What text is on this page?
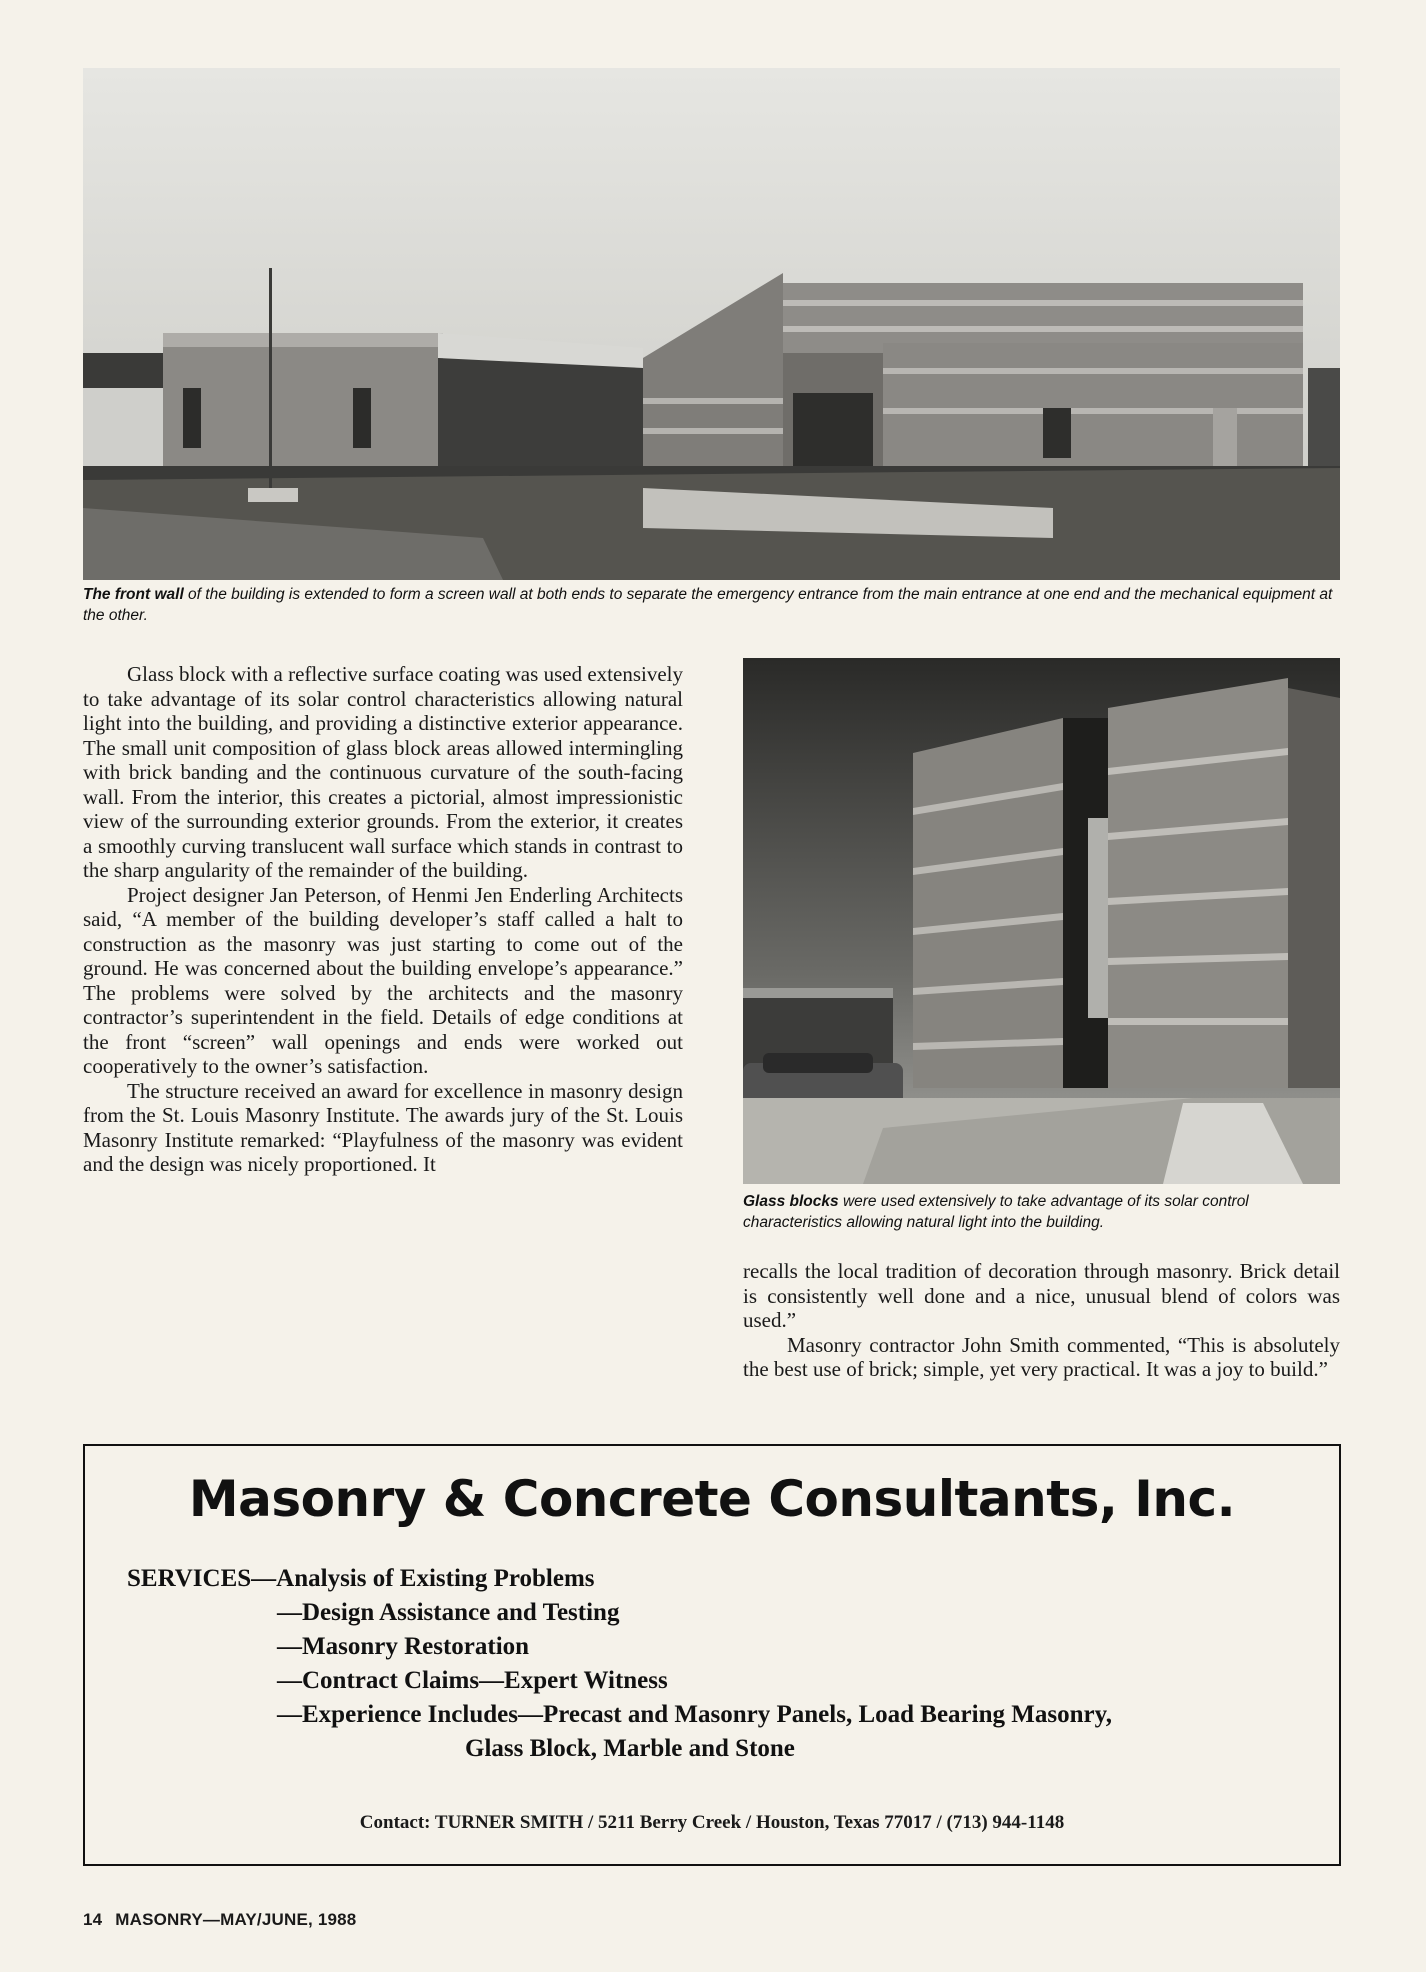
The front wall of the building is extended to form a screen wall at both ends to separate the emergency entrance from the main entrance at one end and the mechanical equipment at the other.

Glass block with a reflective surface coating was used extensively to take advantage of its solar control characteristics allowing natural light into the building, and providing a distinctive exterior appearance. The small unit composition of glass block areas allowed intermingling with brick banding and the continuous curvature of the south-facing wall. From the interior, this creates a pictorial, almost impressionistic view of the surrounding exterior grounds. From the exterior, it creates a smoothly curving translucent wall surface which stands in contrast to the sharp angularity of the remainder of the building.

Project designer Jan Peterson, of Henmi Jen Enderling Architects said, “A member of the building developer’s staff called a halt to construction as the masonry was just starting to come out of the ground. He was concerned about the building envelope’s appearance.” The problems were solved by the architects and the masonry contractor’s superintendent in the field. Details of edge conditions at the front “screen” wall openings and ends were worked out cooperatively to the owner’s satisfaction.

The structure received an award for excellence in masonry design from the St. Louis Masonry Institute. The awards jury of the St. Louis Masonry Institute remarked: “Playfulness of the masonry was evident and the design was nicely proportioned. It

Glass blocks were used extensively to take advantage of its solar control characteristics allowing natural light into the building.

recalls the local tradition of decoration through masonry. Brick detail is consistently well done and a nice, unusual blend of colors was used.”

Masonry contractor John Smith commented, “This is absolutely the best use of brick; simple, yet very practical. It was a joy to build.”

Masonry & Concrete Consultants, Inc.
SERVICES—Analysis of Existing Problems
—Design Assistance and Testing
—Masonry Restoration
—Contract Claims—Expert Witness
—Experience Includes—Precast and Masonry Panels, Load Bearing Masonry,
Glass Block, Marble and Stone
Contact: TURNER SMITH / 5211 Berry Creek / Houston, Texas 77017 / (713) 944-1148
14 MASONRY—MAY/JUNE, 1988
